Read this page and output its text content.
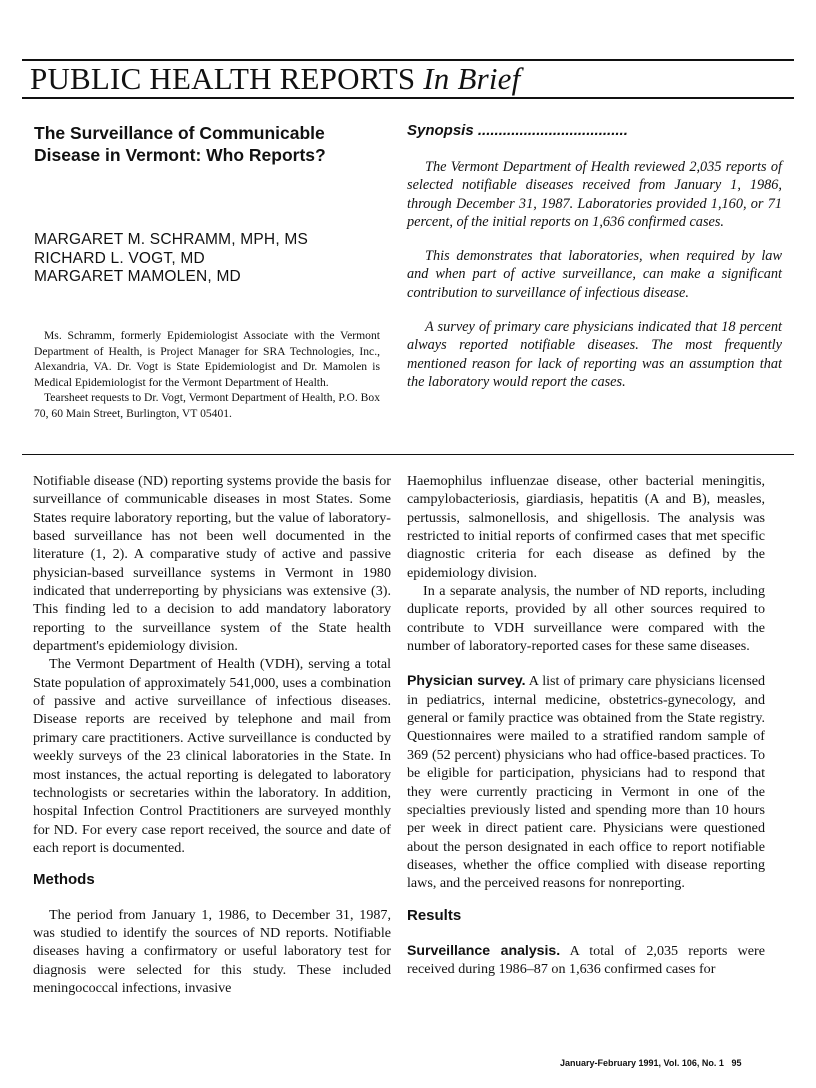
PUBLIC HEALTH REPORTS In Brief
The Surveillance of Communicable Disease in Vermont: Who Reports?
MARGARET M. SCHRAMM, MPH, MS
RICHARD L. VOGT, MD
MARGARET MAMOLEN, MD

Ms. Schramm, formerly Epidemiologist Associate with the Vermont Department of Health, is Project Manager for SRA Technologies, Inc., Alexandria, VA. Dr. Vogt is State Epidemiologist and Dr. Mamolen is Medical Epidemiologist for the Vermont Department of Health.

Tearsheet requests to Dr. Vogt, Vermont Department of Health, P.O. Box 70, 60 Main Street, Burlington, VT 05401.

Synopsis ....................................

The Vermont Department of Health reviewed 2,035 reports of selected notifiable diseases received from January 1, 1986, through December 31, 1987. Laboratories provided 1,160, or 71 percent, of the initial reports on 1,636 confirmed cases.

This demonstrates that laboratories, when required by law and when part of active surveillance, can make a significant contribution to surveillance of infectious disease.

A survey of primary care physicians indicated that 18 percent always reported notifiable diseases. The most frequently mentioned reason for lack of reporting was an assumption that the laboratory would report the cases.

Notifiable disease (ND) reporting systems provide the basis for surveillance of communicable diseases in most States. Some States require laboratory reporting, but the value of laboratory-based surveillance has not been well documented in the literature (1, 2). A comparative study of active and passive physician-based surveillance systems in Vermont in 1980 indicated that underreporting by physicians was extensive (3). This finding led to a decision to add mandatory laboratory reporting to the surveillance system of the State health department's epidemiology division.

The Vermont Department of Health (VDH), serving a total State population of approximately 541,000, uses a combination of passive and active surveillance of infectious diseases. Disease reports are received by telephone and mail from primary care practitioners. Active surveillance is conducted by weekly surveys of the 23 clinical laboratories in the State. In most instances, the actual reporting is delegated to laboratory technologists or secretaries within the laboratory. In addition, hospital Infection Control Practitioners are surveyed monthly for ND. For every case report received, the source and date of each report is documented.

Methods

The period from January 1, 1986, to December 31, 1987, was studied to identify the sources of ND reports. Notifiable diseases having a confirmatory or useful laboratory test for diagnosis were selected for this study. These included meningococcal infections, invasive

Haemophilus influenzae disease, other bacterial meningitis, campylobacteriosis, giardiasis, hepatitis (A and B), measles, pertussis, salmonellosis, and shigellosis. The analysis was restricted to initial reports of confirmed cases that met specific diagnostic criteria for each disease as defined by the epidemiology division.

In a separate analysis, the number of ND reports, including duplicate reports, provided by all other sources required to contribute to VDH surveillance were compared with the number of laboratory-reported cases for these same diseases.

Physician survey. A list of primary care physicians licensed in pediatrics, internal medicine, obstetrics-gynecology, and general or family practice was obtained from the State registry. Questionnaires were mailed to a stratified random sample of 369 (52 percent) physicians who had office-based practices. To be eligible for participation, physicians had to respond that they were currently practicing in Vermont in one of the specialties previously listed and spending more than 10 hours per week in direct patient care. Physicians were questioned about the person designated in each office to report notifiable diseases, whether the office complied with disease reporting laws, and the perceived reasons for nonreporting.

Results

Surveillance analysis. A total of 2,035 reports were received during 1986–87 on 1,636 confirmed cases for

January-February 1991, Vol. 106, No. 1 95
